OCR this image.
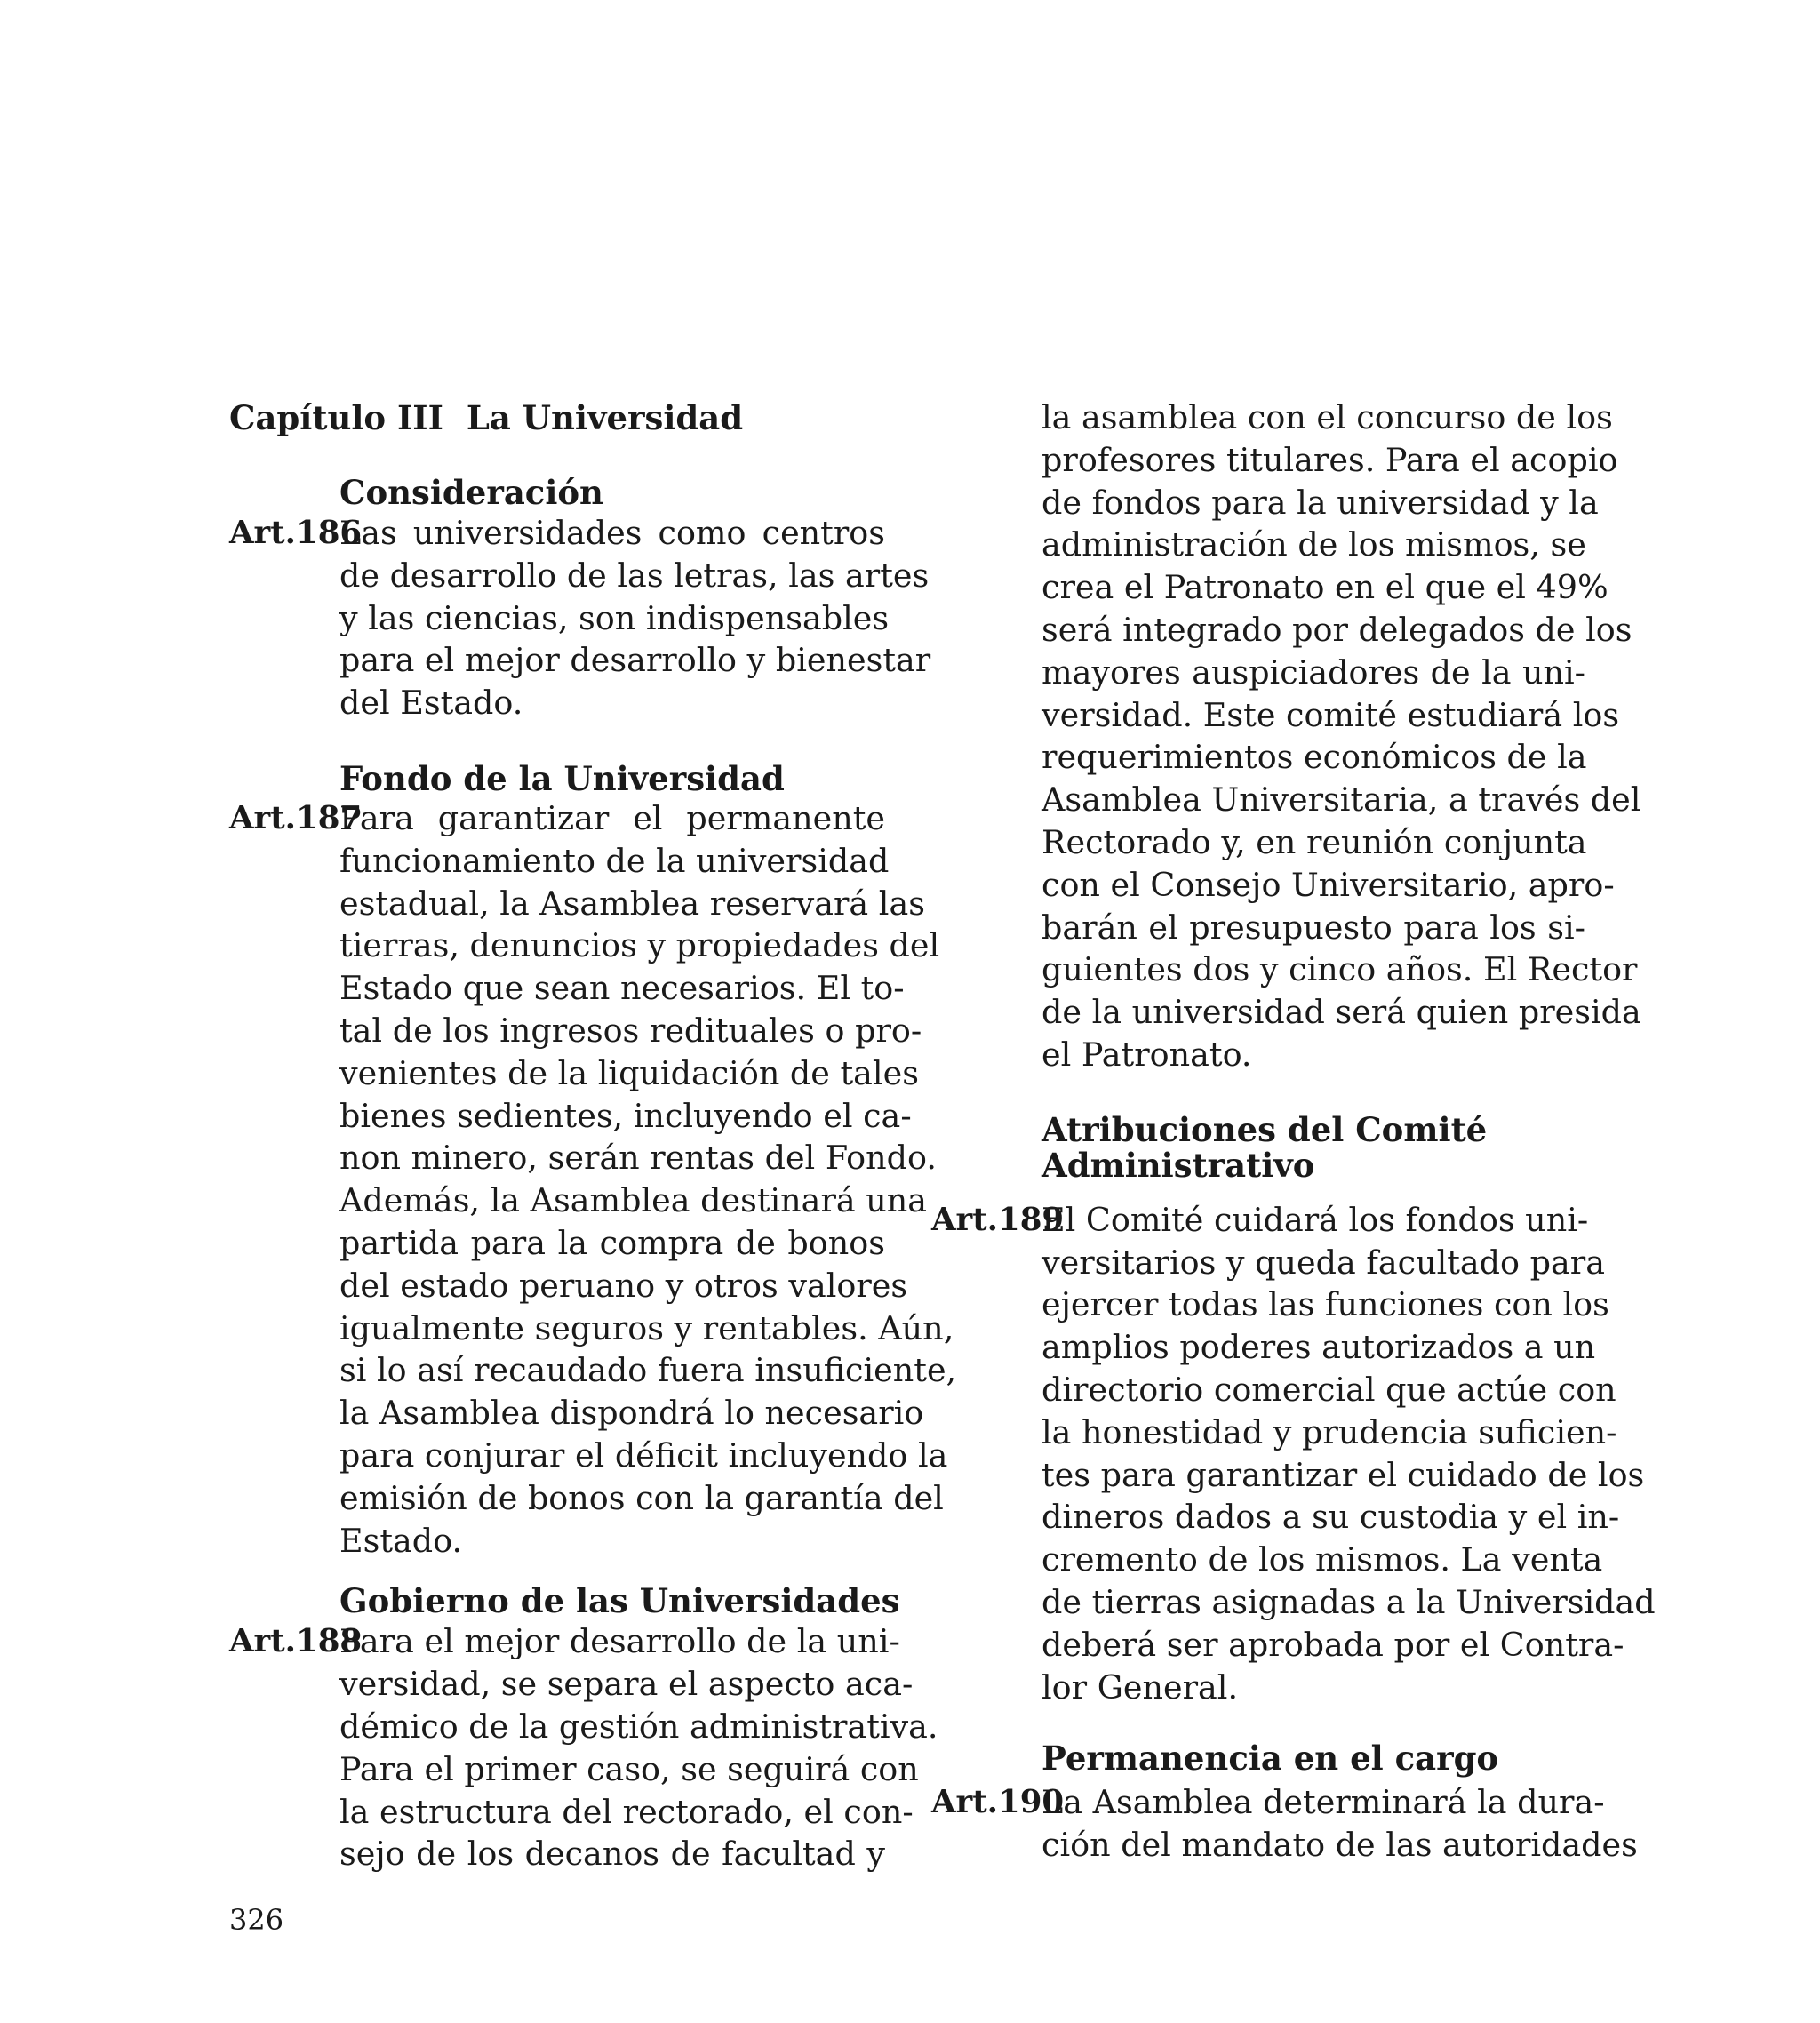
Capítulo III La Universidad
Consideración
Art.186
Las universidades como centros
de desarrollo de las letras, las artes
y las ciencias, son indispensables
para el mejor desarrollo y bienestar
del Estado.
Fondo de la Universidad
Art.187
Para garantizar el permanente
funcionamiento de la universidad
estadual, la Asamblea reservará las
tierras, denuncios y propiedades del
Estado que sean necesarios. El to-
tal de los ingresos redituales o pro-
venientes de la liquidación de tales
bienes sedientes, incluyendo el ca-
non minero, serán rentas del Fondo.
Además, la Asamblea destinará una
partida para la compra de bonos
del estado peruano y otros valores
igualmente seguros y rentables. Aún,
si lo así recaudado fuera insuficiente,
la Asamblea dispondrá lo necesario
para conjurar el déficit incluyendo la
emisión de bonos con la garantía del
Estado.
Gobierno de las Universidades
Art.188
Para el mejor desarrollo de la uni-
versidad, se separa el aspecto aca-
démico de la gestión administrativa.
Para el primer caso, se seguirá con
la estructura del rectorado, el con-
sejo de los decanos de facultad y
la asamblea con el concurso de los
profesores titulares. Para el acopio
de fondos para la universidad y la
administración de los mismos, se
crea el Patronato en el que el 49%
será integrado por delegados de los
mayores auspiciadores de la uni-
versidad. Este comité estudiará los
requerimientos económicos de la
Asamblea Universitaria, a través del
Rectorado y, en reunión conjunta
con el Consejo Universitario, apro-
barán el presupuesto para los si-
guientes dos y cinco años. El Rector
de la universidad será quien presida
el Patronato.
Atribuciones del Comité
Administrativo
Art.189
El Comité cuidará los fondos uni-
versitarios y queda facultado para
ejercer todas las funciones con los
amplios poderes autorizados a un
directorio comercial que actúe con
la honestidad y prudencia suficien-
tes para garantizar el cuidado de los
dineros dados a su custodia y el in-
cremento de los mismos. La venta
de tierras asignadas a la Universidad
deberá ser aprobada por el Contra-
lor General.
Permanencia en el cargo
Art.190
La Asamblea determinará la dura-
ción del mandato de las autoridades
326
